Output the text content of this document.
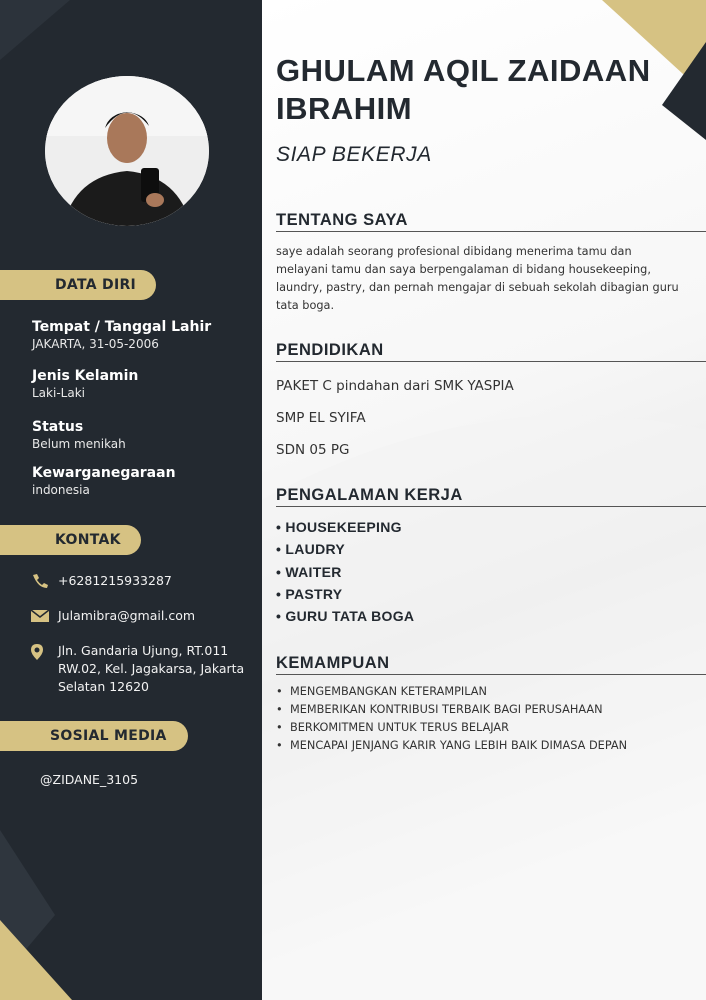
DATA DIRI
Tempat / Tanggal Lahir
JAKARTA, 31-05-2006
Jenis Kelamin
Laki-Laki
Status
Belum menikah
Kewarganegaraan
indonesia
KONTAK
+6281215933287
Julamibra@gmail.com
Jln. Gandaria Ujung, RT.011 RW.02, Kel. Jagakarsa, Jakarta Selatan 12620
SOSIAL MEDIA
@ZIDANE_3105
GHULAM AQIL ZAIDAAN IBRAHIM
SIAP BEKERJA
TENTANG SAYA
saye adalah seorang profesional dibidang menerima tamu dan melayani tamu dan saya berpengalaman di bidang housekeeping, laundry, pastry, dan pernah mengajar di sebuah sekolah dibagian guru tata boga.
PENDIDIKAN
PAKET C pindahan dari SMK YASPIA
SMP EL SYIFA
SDN 05 PG
PENGALAMAN KERJA
• HOUSEKEEPING
• LAUDRY
• WAITER
• PASTRY
• GURU TATA BOGA
KEMAMPUAN
• MENGEMBANGKAN KETERAMPILAN
• MEMBERIKAN KONTRIBUSI TERBAIK BAGI PERUSAHAAN
• BERKOMITMEN UNTUK TERUS BELAJAR
• MENCAPAI JENJANG KARIR YANG LEBIH BAIK DIMASA DEPAN
